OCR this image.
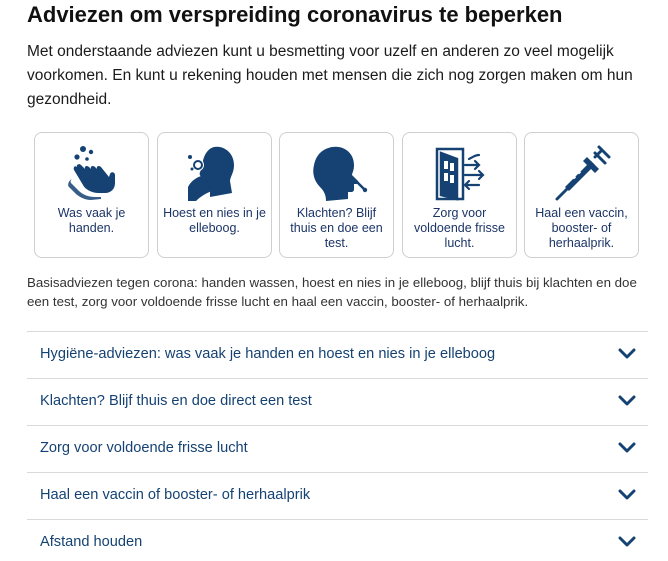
Adviezen om verspreiding coronavirus te beperken

Met onderstaande adviezen kunt u besmetting voor uzelf en anderen zo veel mogelijk voorkomen. En kunt u rekening houden met mensen die zich nog zorgen maken om hun gezondheid.

Was vaak je handen.
Hoest en nies in je elleboog.
Klachten? Blijf thuis en doe een test.
Zorg voor voldoende frisse lucht.
Haal een vaccin, booster- of herhaalprik.

Basisadviezen tegen corona: handen wassen, hoest en nies in je elleboog, blijf thuis bij klachten en doe een test, zorg voor voldoende frisse lucht en haal een vaccin, booster- of herhaalprik.

Hygiëne-adviezen: was vaak je handen en hoest en nies in je elleboog
Klachten? Blijf thuis en doe direct een test
Zorg voor voldoende frisse lucht
Haal een vaccin of booster- of herhaalprik
Afstand houden
